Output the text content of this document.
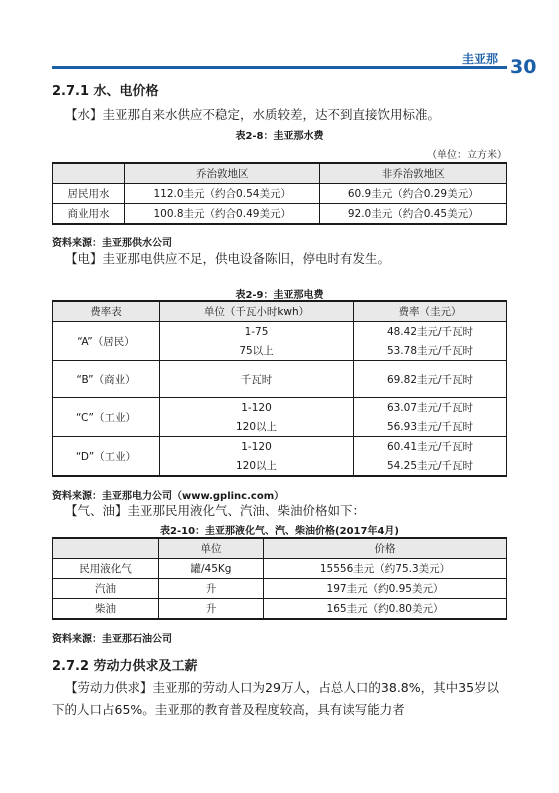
圭亚那 30
2.7.1 水、电价格
【水】圭亚那自来水供应不稳定，水质较差，达不到直接饮用标准。
表2-8：圭亚那水费
（单位：立方米）
	乔治敦地区	非乔治敦地区
居民用水	112.0圭元（约合0.54美元）	60.9圭元（约合0.29美元）
商业用水	100.8圭元（约合0.49美元）	92.0圭元（约合0.45美元）
资料来源：圭亚那供水公司
【电】圭亚那电供应不足，供电设备陈旧，停电时有发生。
表2-9：圭亚那电费
费率表	单位（千瓦小时kwh）	费率（圭元）
“A”（居民）	1-75	48.42圭元/千瓦时
	75以上	53.78圭元/千瓦时
“B”（商业）	千瓦时	69.82圭元/千瓦时
“C”（工业）	1-120	63.07圭元/千瓦时
	120以上	56.93圭元/千瓦时
“D”（工业）	1-120	60.41圭元/千瓦时
	120以上	54.25圭元/千瓦时
资料来源：圭亚那电力公司（www.gplinc.com）
【气、油】圭亚那民用液化气、汽油、柴油价格如下：
表2-10：圭亚那液化气、汽、柴油价格(2017年4月)
	单位	价格
民用液化气	罐/45Kg	15556圭元（约75.3美元）
汽油	升	197圭元（约0.95美元）
柴油	升	165圭元（约0.80美元）
资料来源：圭亚那石油公司
2.7.2 劳动力供求及工薪
【劳动力供求】圭亚那的劳动人口为29万人，占总人口的38.8%，其中35岁以下的人口占65%。圭亚那的教育普及程度较高，具有读写能力者
